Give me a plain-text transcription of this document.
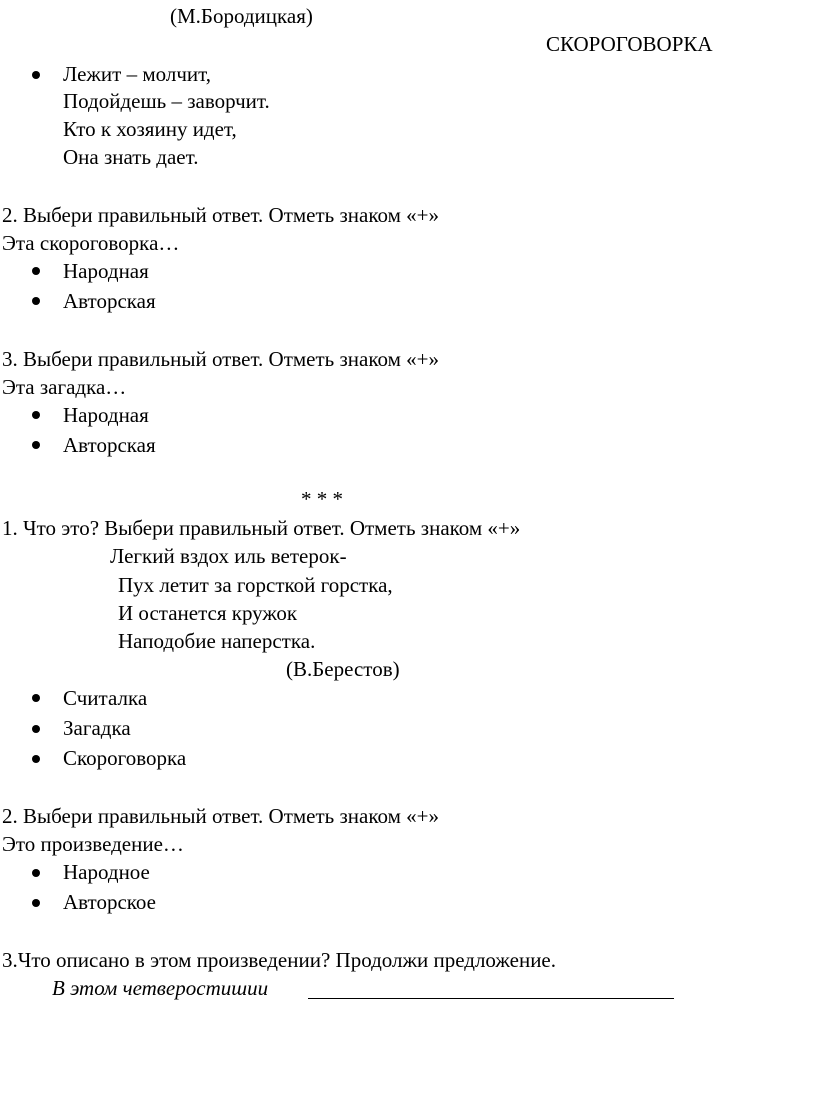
(М.Бородицкая)
СКОРОГОВОРКА
Лежит – молчит,
Подойдешь – заворчит.
Кто к хозяину идет,
Она знать дает.
2. Выбери правильный ответ. Отметь знаком «+»
Эта скороговорка…
Народная
Авторская
3. Выбери правильный ответ. Отметь знаком «+»
Эта загадка…
Народная
Авторская
* * *
1. Что это? Выбери правильный ответ. Отметь знаком «+»
Легкий вздох иль ветерок-
Пух летит за горсткой горстка,
И останется кружок
Наподобие наперстка.
(В.Берестов)
Считалка
Загадка
Скороговорка
2. Выбери правильный ответ. Отметь знаком «+»
Это произведение…
Народное
Авторское
3.Что описано в этом произведении? Продолжи предложение.
В этом четверостишии
